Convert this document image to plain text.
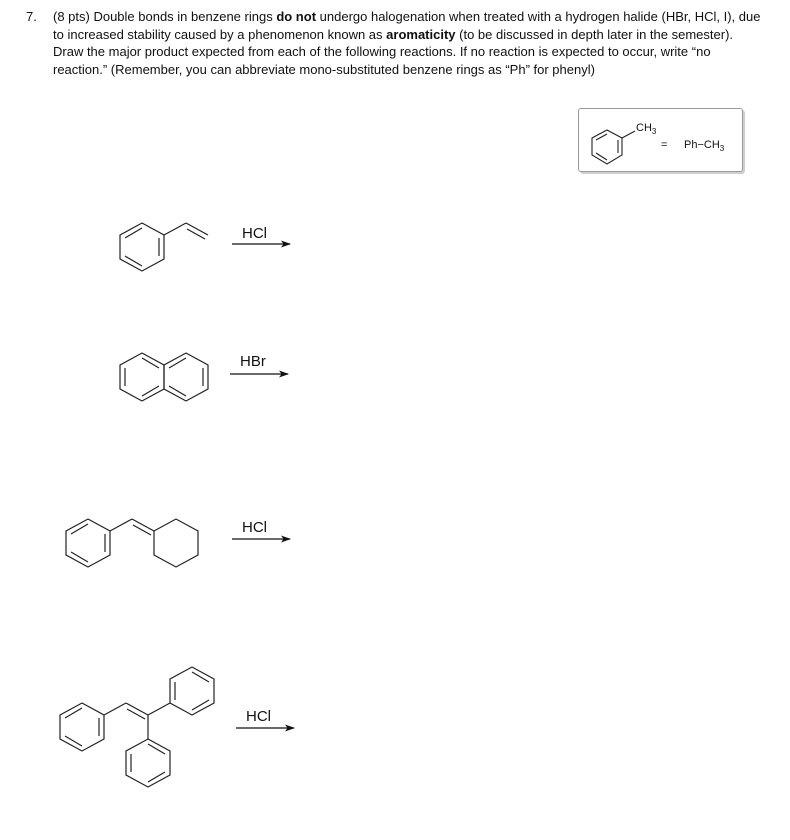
7. (8 pts) Double bonds in benzene rings do not undergo halogenation when treated with a hydrogen halide (HBr, HCl, I), due to increased stability caused by a phenomenon known as aromaticity (to be discussed in depth later in the semester). Draw the major product expected from each of the following reactions. If no reaction is expected to occur, write “no reaction.” (Remember, you can abbreviate mono-substituted benzene rings as “Ph” for phenyl)
$CH_3$
= $Ph-CH_3$
HCl
HBr
HCl
HCl
